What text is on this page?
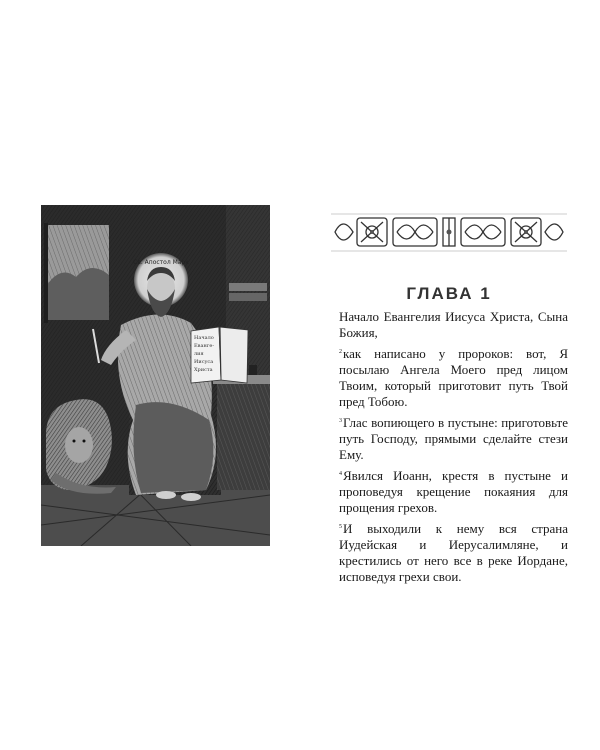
Св. Апостол Марк
Начало
Еванге-
лия
Иисуса
Христа
ГЛАВА 1

Начало Евангелия Иисуса Христа, Сына Божия,

$^2$как написано у пророков: вот, Я посылаю Ангела Моего пред лицом Твоим, который приготовит путь Твой пред Тобою.

$^3$Глас вопиющего в пустыне: приготовьте путь Господу, прямыми сделайте стези Ему.

$^4$Явился Иоанн, крестя в пустыне и проповедуя крещение покаяния для прощения грехов.

$^5$И выходили к нему вся страна Иудейская и Иерусалимляне, и крестились от него все в реке Иордане, исповедуя грехи свои.
